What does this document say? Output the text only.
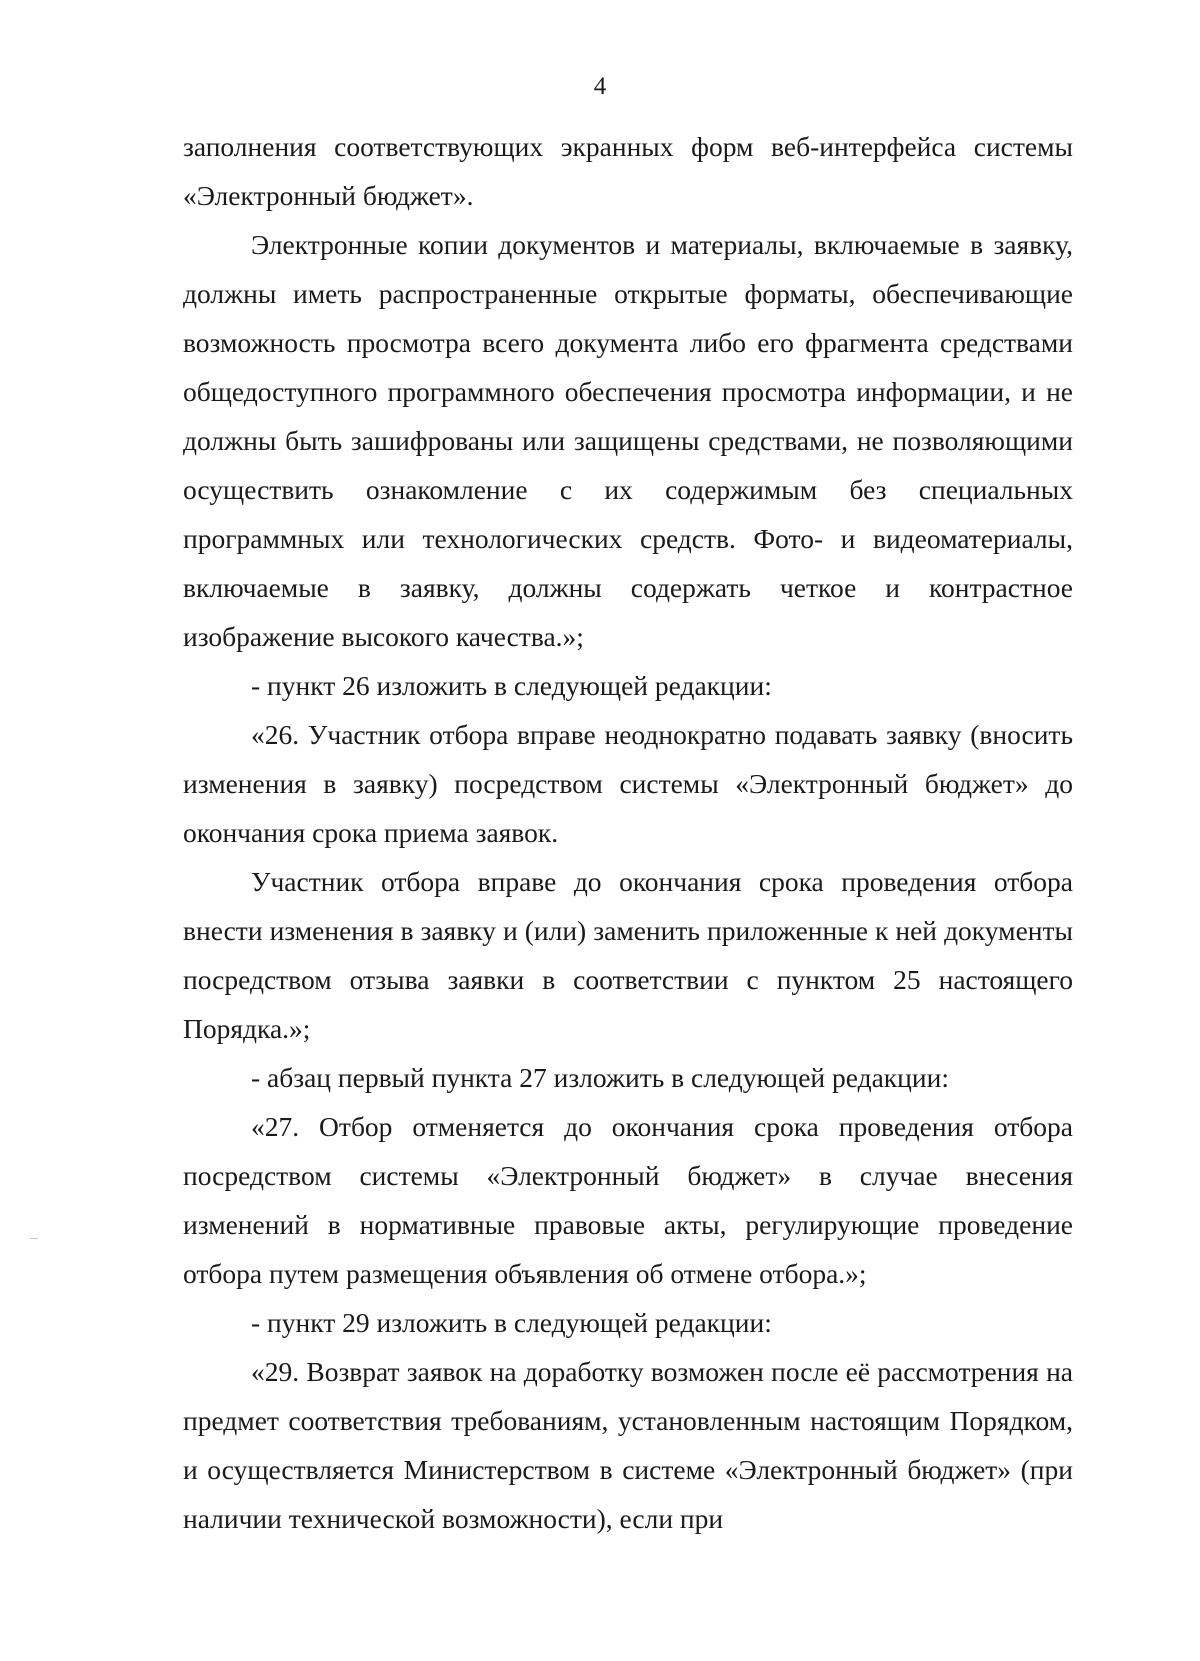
4

заполнения соответствующих экранных форм веб-интерфейса системы «Электронный бюджет».

Электронные копии документов и материалы, включаемые в заявку, должны иметь распространенные открытые форматы, обеспечивающие возможность просмотра всего документа либо его фрагмента средствами общедоступного программного обеспечения просмотра информации, и не должны быть зашифрованы или защищены средствами, не позволяющими осуществить ознакомление с их содержимым без специальных программных или технологических средств. Фото- и видеоматериалы, включаемые в заявку, должны содержать четкое и контрастное изображение высокого качества.»;

- пункт 26 изложить в следующей редакции:

«26. Участник отбора вправе неоднократно подавать заявку (вносить изменения в заявку) посредством системы «Электронный бюджет» до окончания срока приема заявок.

Участник отбора вправе до окончания срока проведения отбора внести изменения в заявку и (или) заменить приложенные к ней документы посредством отзыва заявки в соответствии с пунктом 25 настоящего Порядка.»;

- абзац первый пункта 27 изложить в следующей редакции:

«27. Отбор отменяется до окончания срока проведения отбора посредством системы «Электронный бюджет» в случае внесения изменений в нормативные правовые акты, регулирующие проведение отбора путем размещения объявления об отмене отбора.»;

- пункт 29 изложить в следующей редакции:

«29. Возврат заявок на доработку возможен после её рассмотрения на предмет соответствия требованиям, установленным настоящим Порядком, и осуществляется Министерством в системе «Электронный бюджет» (при наличии технической возможности), если при
